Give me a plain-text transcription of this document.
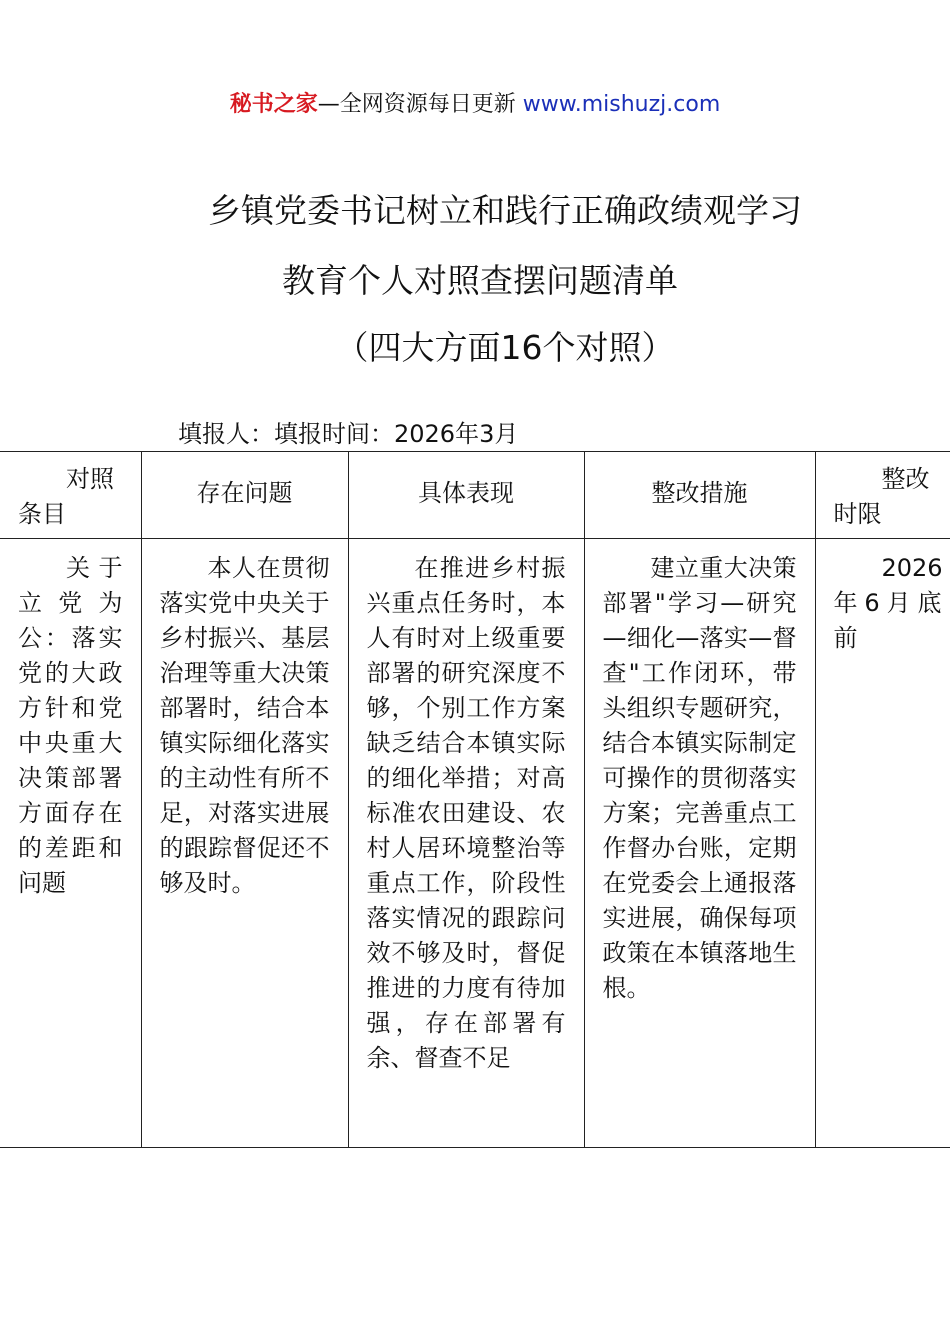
秘书之家—全网资源每日更新 www.mishuzj.com
乡镇党委书记树立和践行正确政绩观学习
教育个人对照查摆问题清单
（四大方面16个对照）
填报人：填报时间：2026年3月
对照条目	存在问题	具体表现	整改措施	整改时限
关于立党为公：落实党的大政方针和党中央重大决策部署方面存在的差距和问题	本人在贯彻落实党中央关于乡村振兴、基层治理等重大决策部署时，结合本镇实际细化落实的主动性有所不足，对落实进展的跟踪督促还不够及时。	在推进乡村振兴重点任务时，本人有时对上级重要部署的研究深度不够，个别工作方案缺乏结合本镇实际的细化举措；对高标准农田建设、农村人居环境整治等重点工作，阶段性落实情况的跟踪问效不够及时，督促推进的力度有待加强，存在部署有余、督查不足	建立重大决策部署"学习—研究—细化—落实—督查"工作闭环，带头组织专题研究，结合本镇实际制定可操作的贯彻落实方案；完善重点工作督办台账，定期在党委会上通报落实进展，确保每项政策在本镇落地生根。	2026年6月底前
